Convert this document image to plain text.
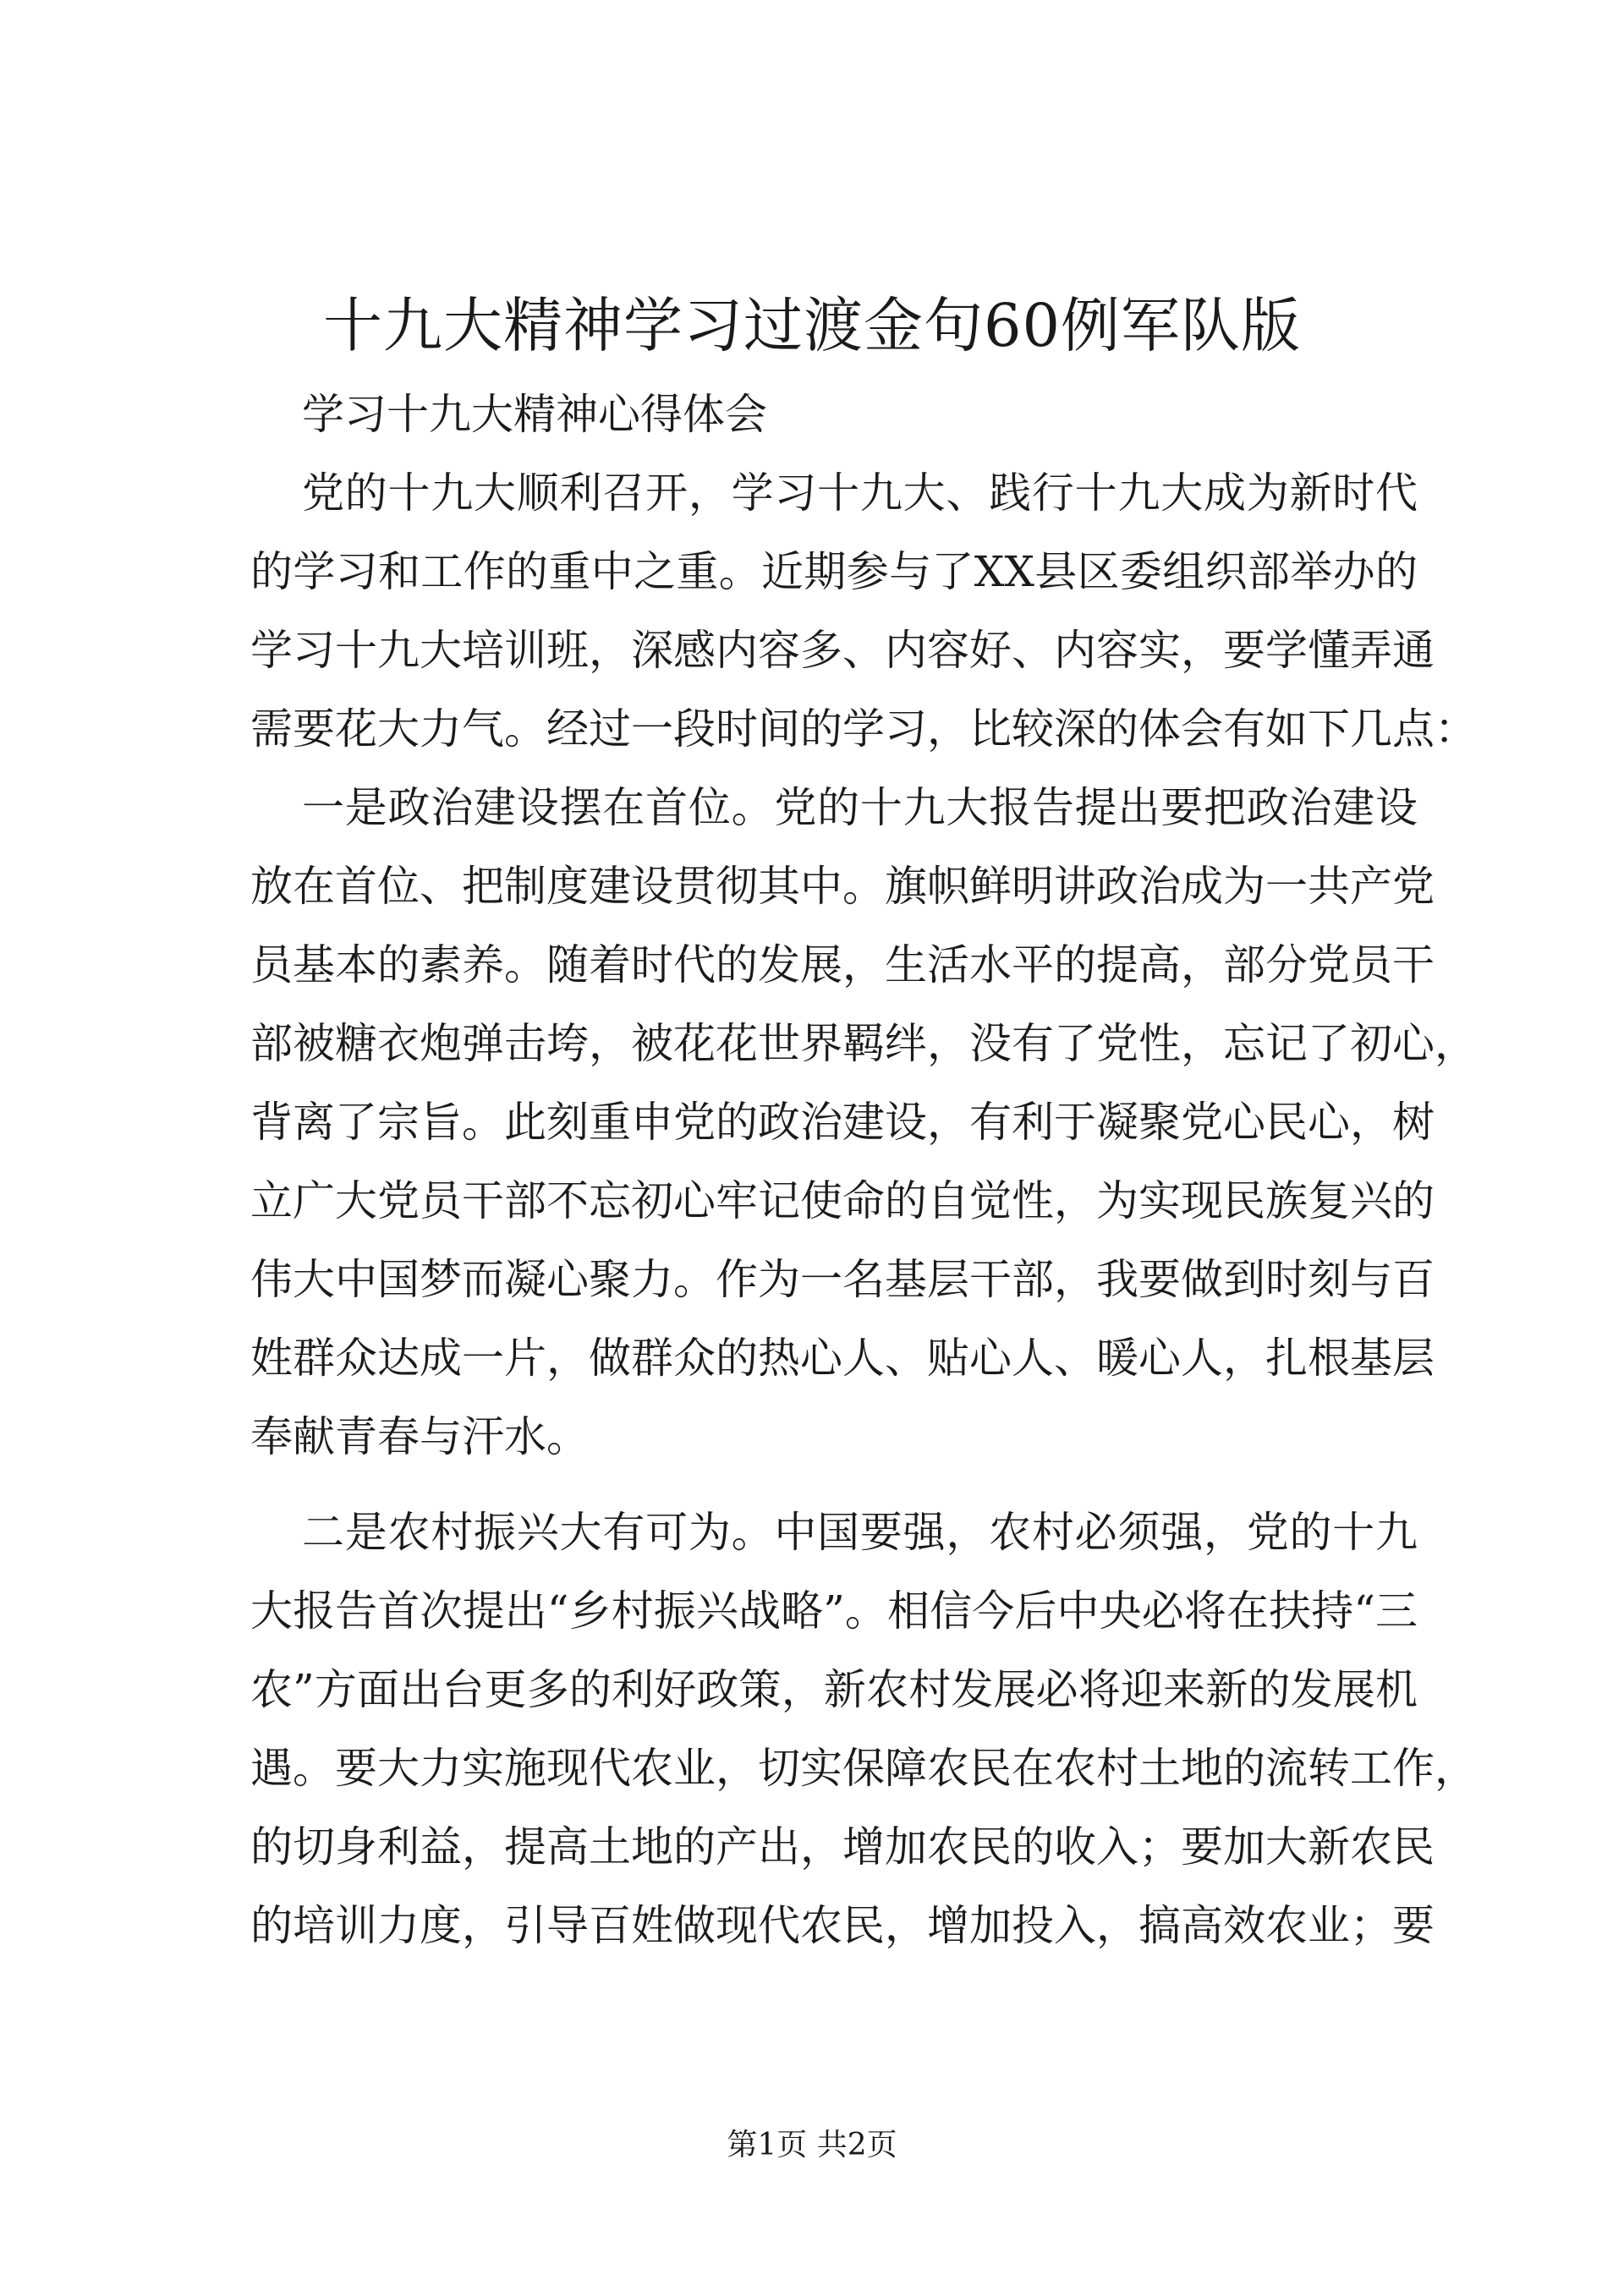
十九大精神学习过渡金句60例军队版

学习十九大精神心得体会

党的十九大顺利召开，学习十九大、践行十九大成为新时代
的学习和工作的重中之重。近期参与了XX县区委组织部举办的
学习十九大培训班，深感内容多、内容好、内容实，要学懂弄通
需要花大力气。经过一段时间的学习，比较深的体会有如下几点：

一是政治建设摆在首位。党的十九大报告提出要把政治建设
放在首位、把制度建设贯彻其中。旗帜鲜明讲政治成为一共产党
员基本的素养。随着时代的发展，生活水平的提高，部分党员干
部被糖衣炮弹击垮，被花花世界羁绊，没有了党性，忘记了初心，
背离了宗旨。此刻重申党的政治建设，有利于凝聚党心民心，树
立广大党员干部不忘初心牢记使命的自觉性，为实现民族复兴的
伟大中国梦而凝心聚力。作为一名基层干部，我要做到时刻与百
姓群众达成一片，做群众的热心人、贴心人、暖心人，扎根基层
奉献青春与汗水。

二是农村振兴大有可为。中国要强，农村必须强，党的十九
大报告首次提出“乡村振兴战略”。相信今后中央必将在扶持“三
农”方面出台更多的利好政策，新农村发展必将迎来新的发展机
遇。要大力实施现代农业，切实保障农民在农村土地的流转工作，
的切身利益，提高土地的产出，增加农民的收入；要加大新农民
的培训力度，引导百姓做现代农民，增加投入，搞高效农业；要

第1页 共2页
